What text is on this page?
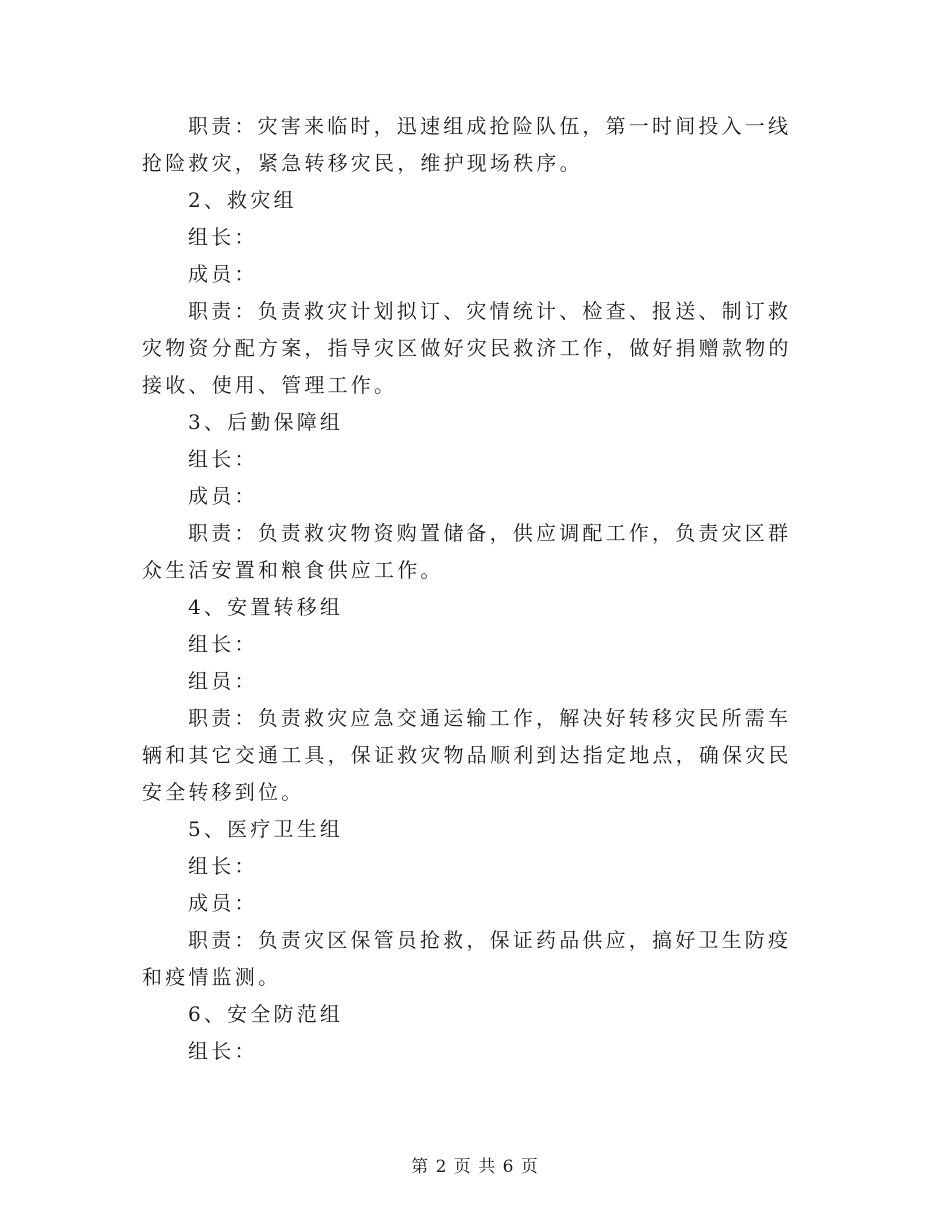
职责：灾害来临时，迅速组成抢险队伍，第一时间投入一线抢险救灾，紧急转移灾民，维护现场秩序。

2、救灾组

组长：

成员：

职责：负责救灾计划拟订、灾情统计、检查、报送、制订救灾物资分配方案，指导灾区做好灾民救济工作，做好捐赠款物的接收、使用、管理工作。

3、后勤保障组

组长：

成员：

职责：负责救灾物资购置储备，供应调配工作，负责灾区群众生活安置和粮食供应工作。

4、安置转移组

组长：

组员：

职责：负责救灾应急交通运输工作，解决好转移灾民所需车辆和其它交通工具，保证救灾物品顺利到达指定地点，确保灾民安全转移到位。

5、医疗卫生组

组长：

成员：

职责：负责灾区保管员抢救，保证药品供应，搞好卫生防疫和疫情监测。

6、安全防范组

组长：

第 2 页 共 6 页
